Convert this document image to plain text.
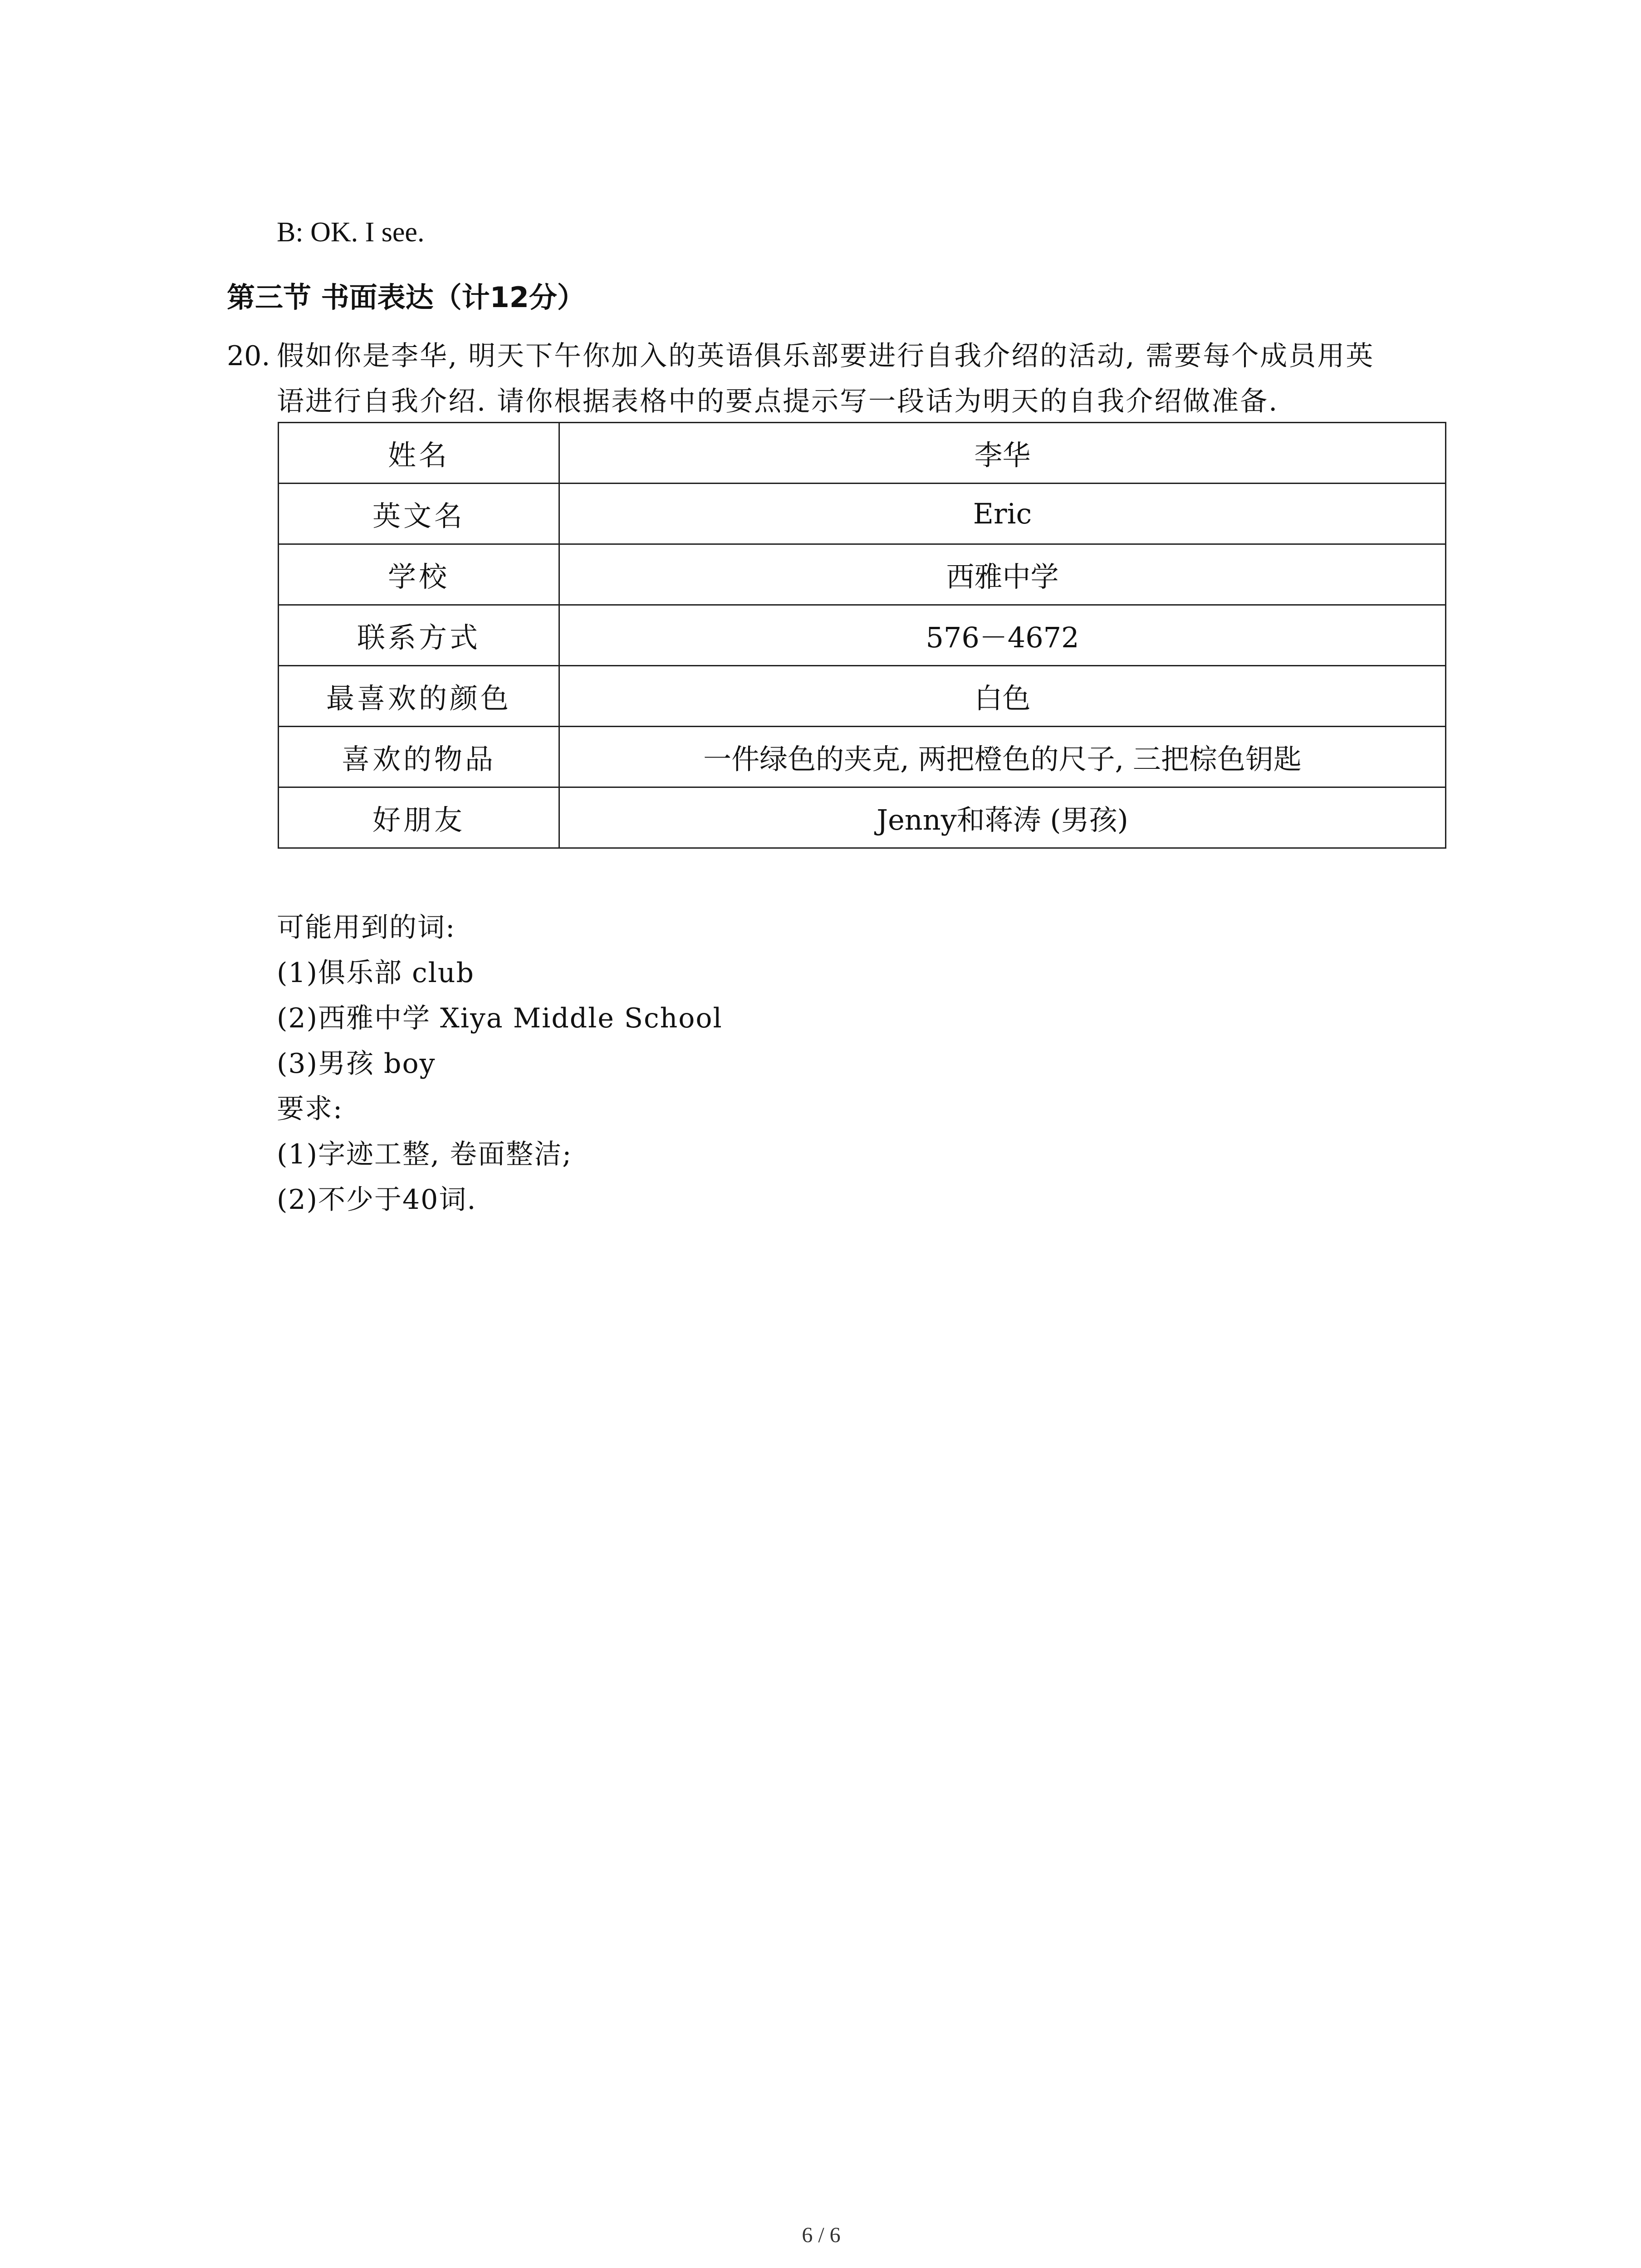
B: OK. I see.
第三节 书面表达（计12分）
20. 假如你是李华, 明天下午你加入的英语俱乐部要进行自我介绍的活动, 需要每个成员用英
语进行自我介绍. 请你根据表格中的要点提示写一段话为明天的自我介绍做准备.
姓名	李华
英文名	Eric
学校	西雅中学
联系方式	576－4672
最喜欢的颜色	白色
喜欢的物品	一件绿色的夹克, 两把橙色的尺子, 三把棕色钥匙
好朋友	Jenny和蒋涛 (男孩)
可能用到的词:
(1)俱乐部 club
(2)西雅中学 Xiya Middle School
(3)男孩 boy
要求:
(1)字迹工整, 卷面整洁;
(2)不少于40词.
6 / 6
